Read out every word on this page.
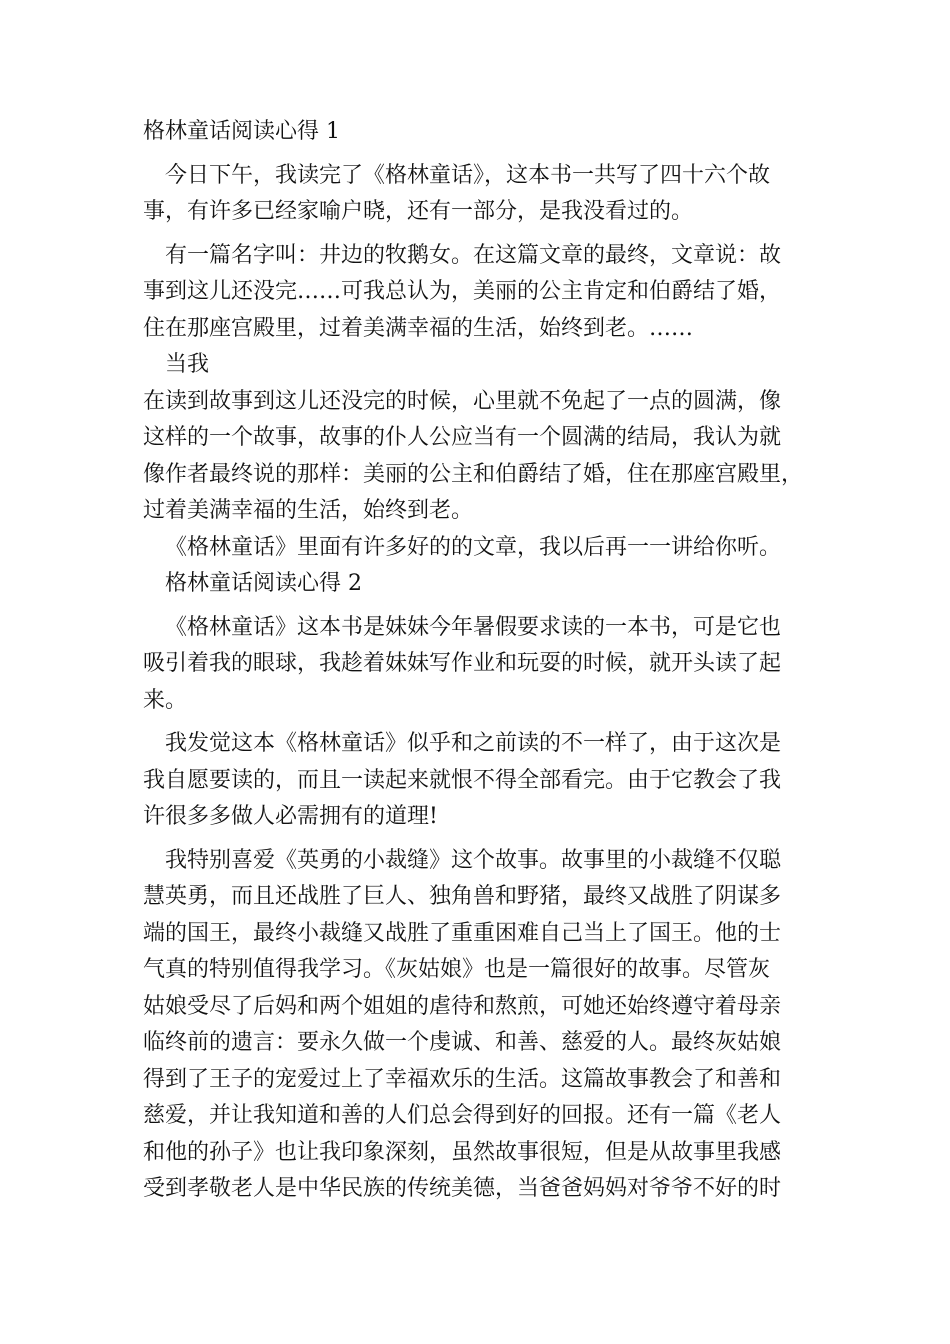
格林童话阅读心得 1
今日下午，我读完了《格林童话》，这本书一共写了四十六个故
事，有许多已经家喻户晓，还有一部分，是我没看过的。
有一篇名字叫：井边的牧鹅女。在这篇文章的最终，文章说：故
事到这儿还没完……可我总认为，美丽的公主肯定和伯爵结了婚，
住在那座宫殿里，过着美满幸福的生活，始终到老。……
当我
在读到故事到这儿还没完的时候，心里就不免起了一点的圆满，像
这样的一个故事，故事的仆人公应当有一个圆满的结局，我认为就
像作者最终说的那样：美丽的公主和伯爵结了婚，住在那座宫殿里，
过着美满幸福的生活，始终到老。
《格林童话》里面有许多好的的文章，我以后再一一讲给你听。
格林童话阅读心得 2
《格林童话》这本书是妹妹今年暑假要求读的一本书，可是它也
吸引着我的眼球，我趁着妹妹写作业和玩耍的时候，就开头读了起
来。
我发觉这本《格林童话》似乎和之前读的不一样了，由于这次是
我自愿要读的，而且一读起来就恨不得全部看完。由于它教会了我
许很多多做人必需拥有的道理!
我特别喜爱《英勇的小裁缝》这个故事。故事里的小裁缝不仅聪
慧英勇，而且还战胜了巨人、独角兽和野猪，最终又战胜了阴谋多
端的国王，最终小裁缝又战胜了重重困难自己当上了国王。他的士
气真的特别值得我学习。《灰姑娘》也是一篇很好的故事。尽管灰
姑娘受尽了后妈和两个姐姐的虐待和熬煎，可她还始终遵守着母亲
临终前的遗言：要永久做一个虔诚、和善、慈爱的人。最终灰姑娘
得到了王子的宠爱过上了幸福欢乐的生活。这篇故事教会了和善和
慈爱，并让我知道和善的人们总会得到好的回报。还有一篇《老人
和他的孙子》也让我印象深刻，虽然故事很短，但是从故事里我感
受到孝敬老人是中华民族的传统美德，当爸爸妈妈对爷爷不好的时
